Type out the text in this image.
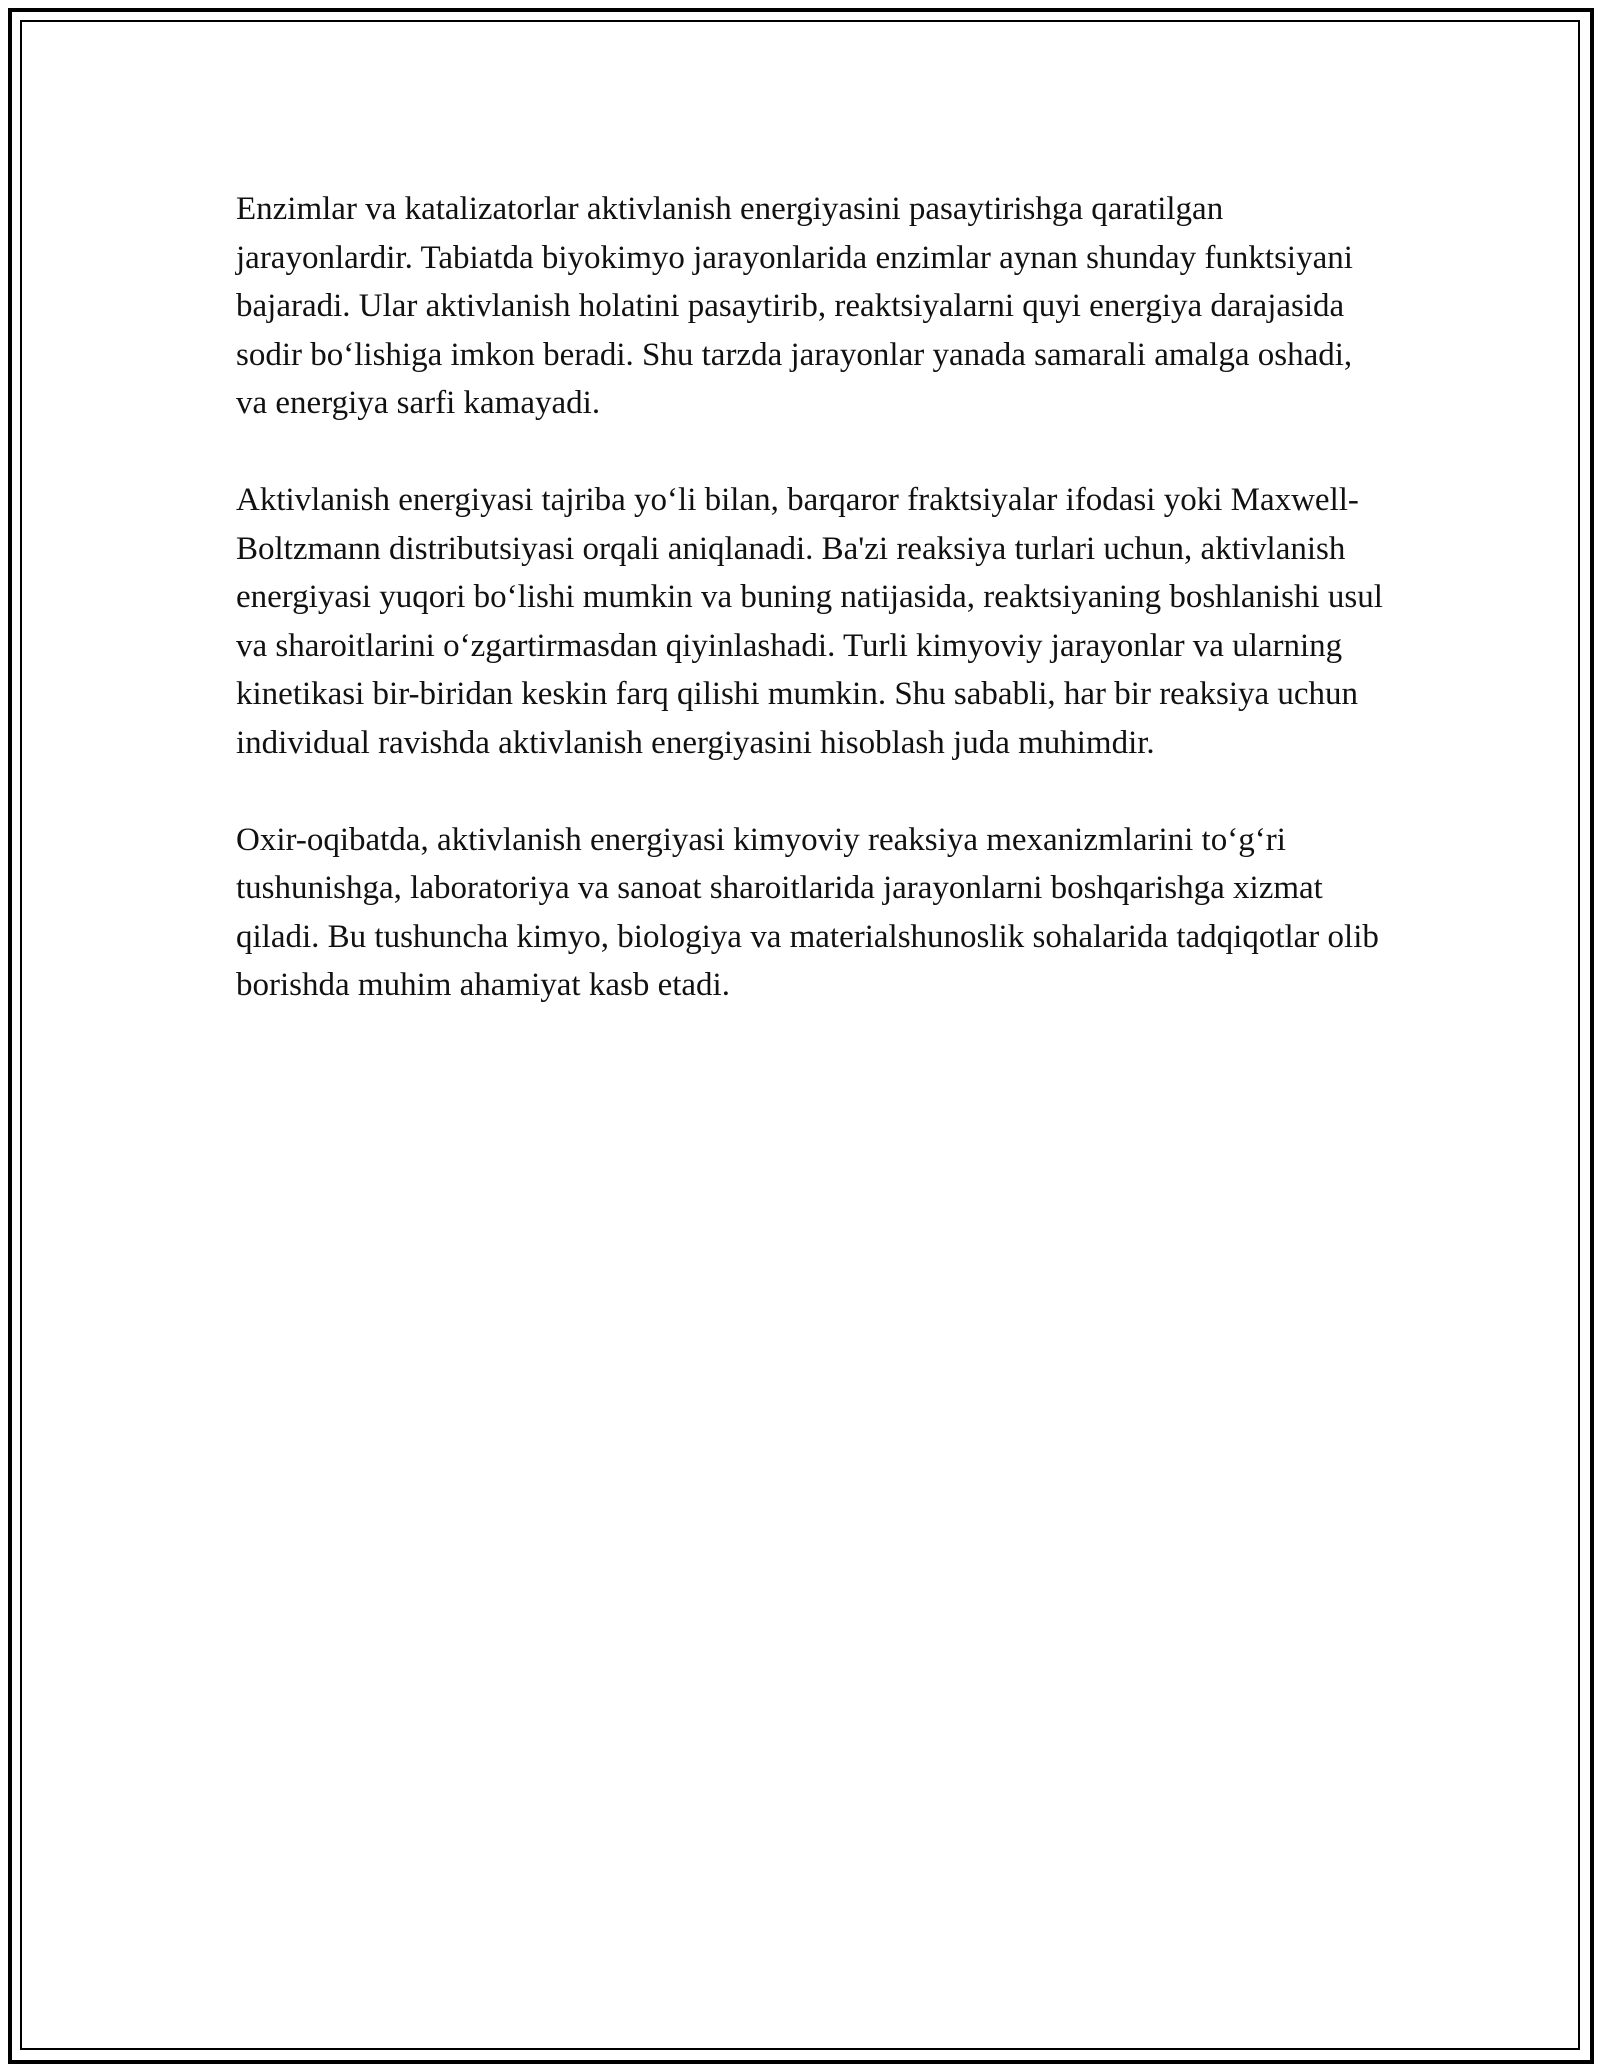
Enzimlar va katalizatorlar aktivlanish energiyasini pasaytirishga qaratilgan jarayonlardir. Tabiatda biyokimyo jarayonlarida enzimlar aynan shunday funktsiyani bajaradi. Ular aktivlanish holatini pasaytirib, reaktsiyalarni quyi energiya darajasida sodir bo‘lishiga imkon beradi. Shu tarzda jarayonlar yanada samarali amalga oshadi, va energiya sarfi kamayadi.

Aktivlanish energiyasi tajriba yo‘li bilan, barqaror fraktsiyalar ifodasi yoki Maxwell-Boltzmann distributsiyasi orqali aniqlanadi. Ba'zi reaksiya turlari uchun, aktivlanish energiyasi yuqori bo‘lishi mumkin va buning natijasida, reaktsiyaning boshlanishi usul va sharoitlarini o‘zgartirmasdan qiyinlashadi. Turli kimyoviy jarayonlar va ularning kinetikasi bir-biridan keskin farq qilishi mumkin. Shu sababli, har bir reaksiya uchun individual ravishda aktivlanish energiyasini hisoblash juda muhimdir.

Oxir-oqibatda, aktivlanish energiyasi kimyoviy reaksiya mexanizmlarini to‘g‘ri tushunishga, laboratoriya va sanoat sharoitlarida jarayonlarni boshqarishga xizmat qiladi. Bu tushuncha kimyo, biologiya va materialshunoslik sohalarida tadqiqotlar olib borishda muhim ahamiyat kasb etadi.
